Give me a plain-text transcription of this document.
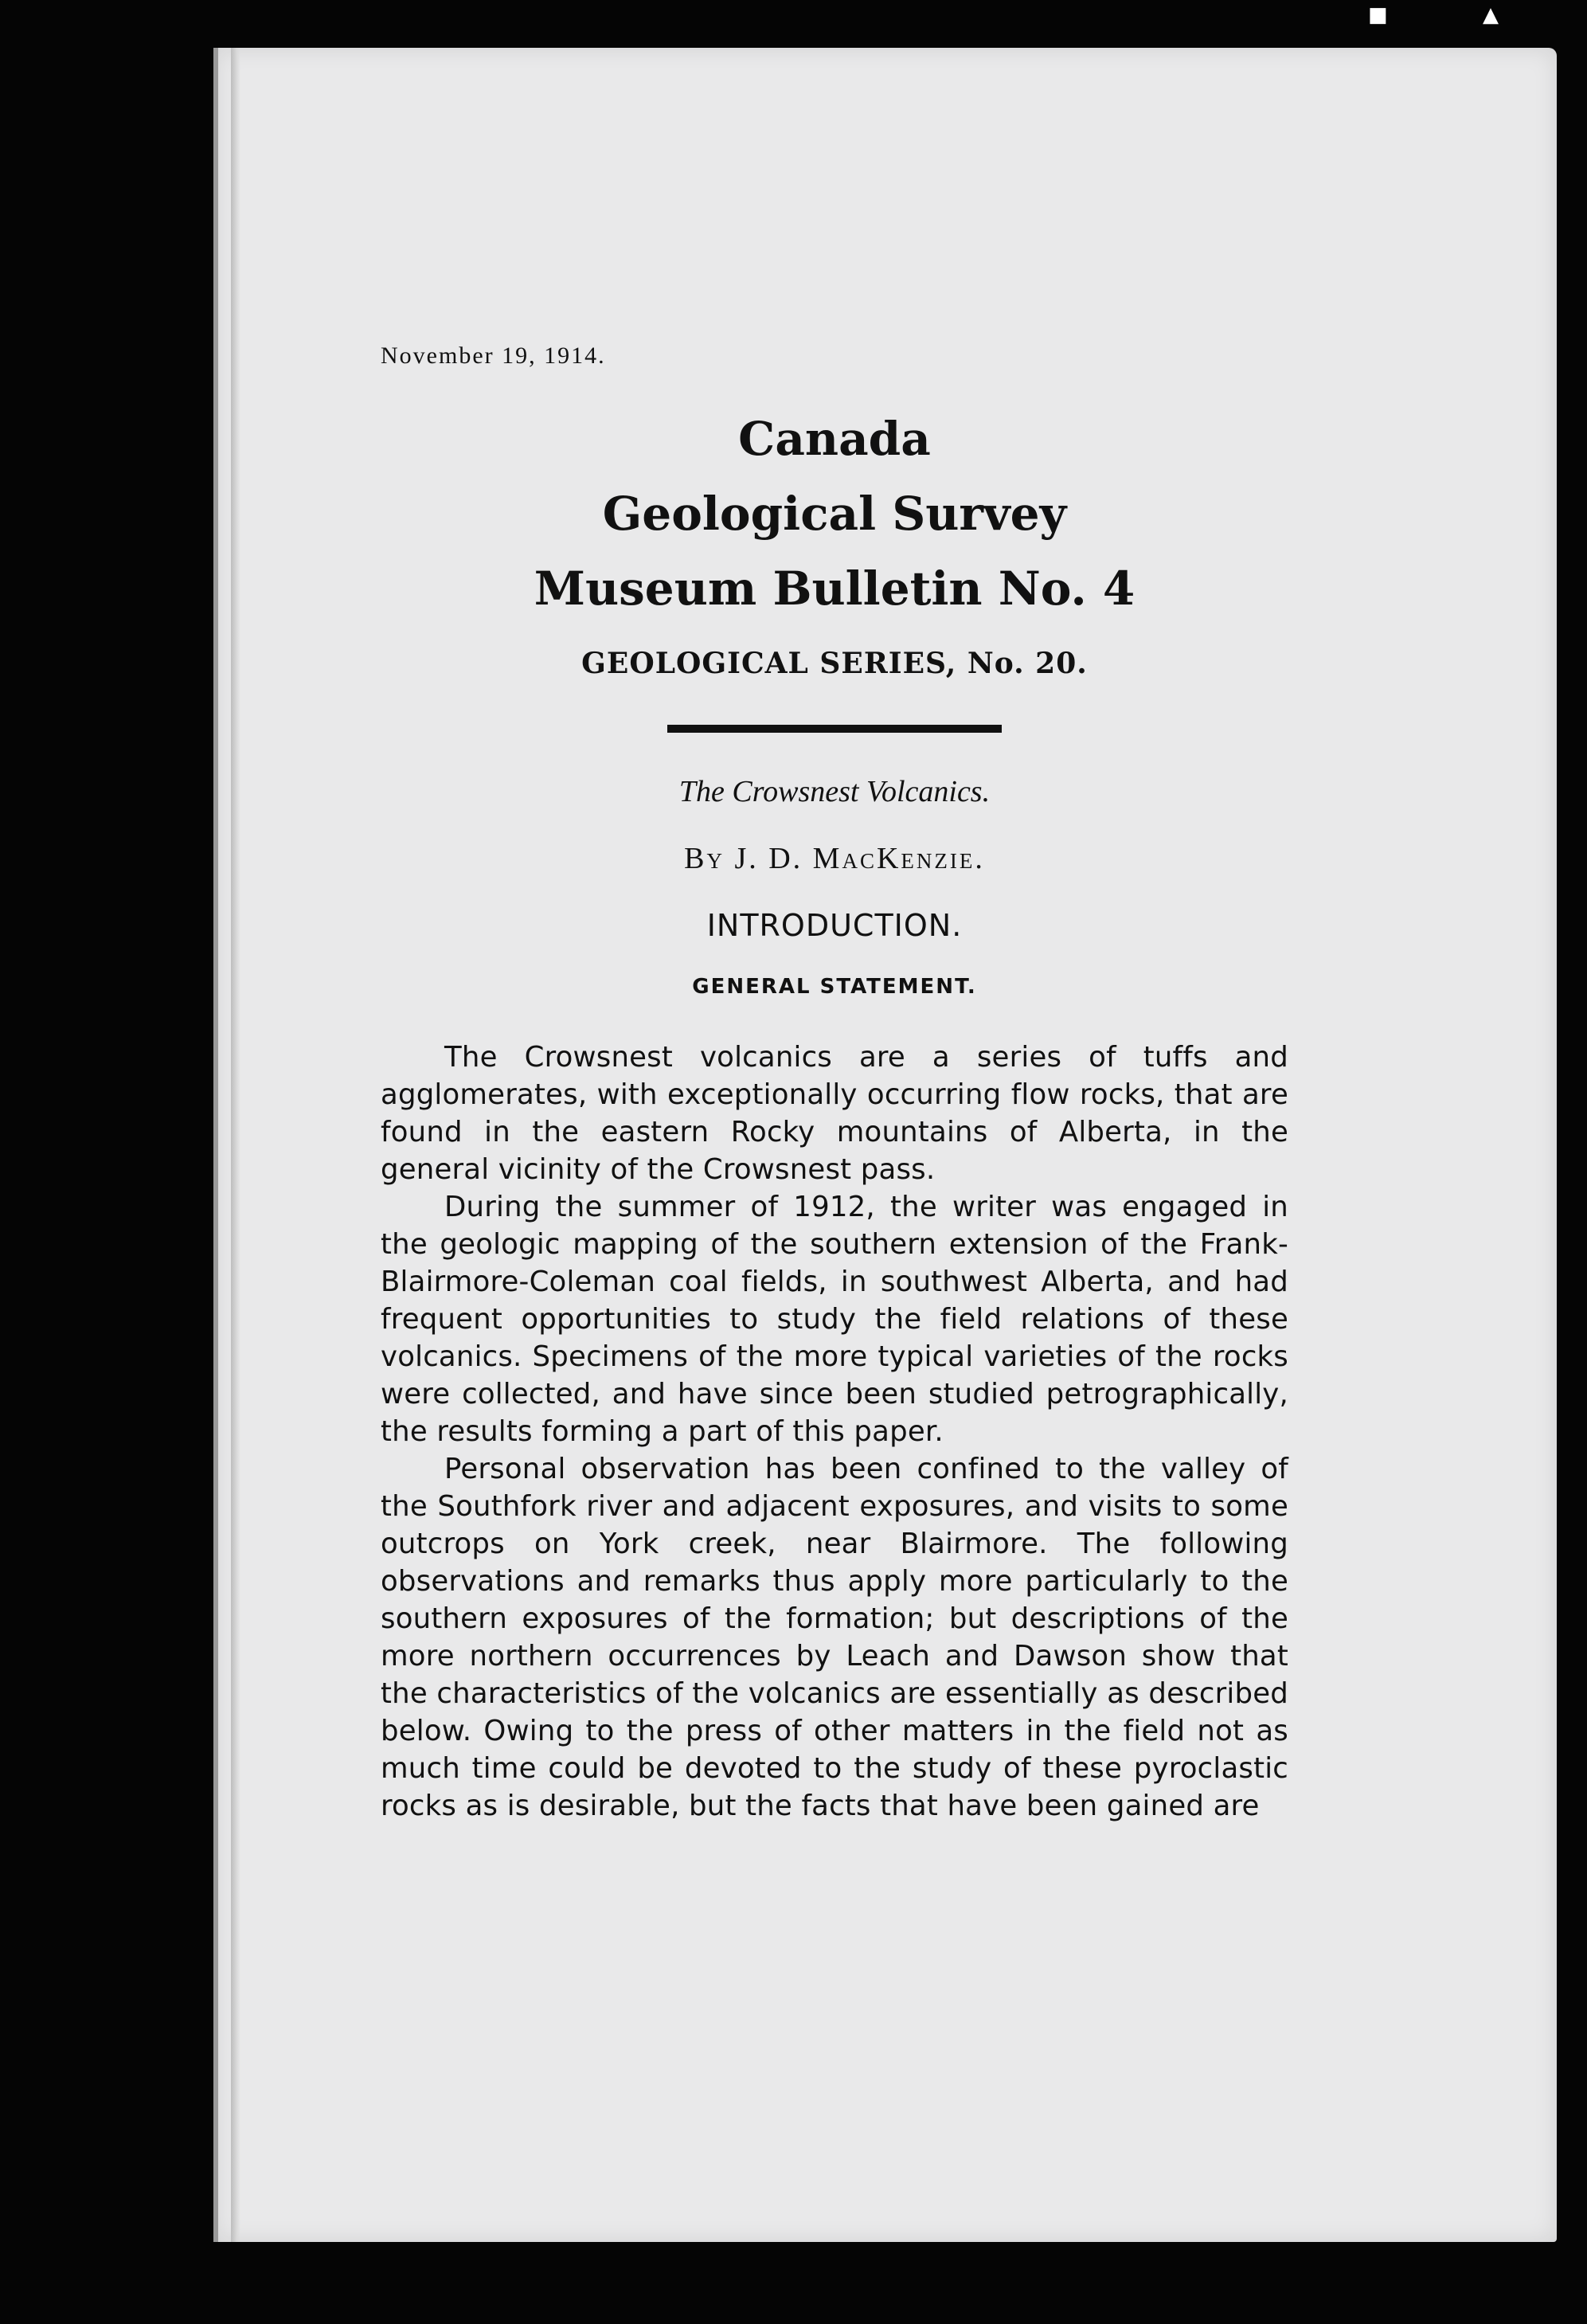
■	▲
November 19, 1914.
Canada
Geological Survey
Museum Bulletin No. 4
GEOLOGICAL SERIES, No. 20.
The Crowsnest Volcanics.
By J. D. MacKenzie.
INTRODUCTION.
GENERAL STATEMENT.

The Crowsnest volcanics are a series of tuffs and agglomerates, with exceptionally occurring flow rocks, that are found in the eastern Rocky mountains of Alberta, in the general vicinity of the Crowsnest pass.

During the summer of 1912, the writer was engaged in the geologic mapping of the southern extension of the Frank-Blairmore-Coleman coal fields, in southwest Alberta, and had frequent opportunities to study the field relations of these volcanics. Specimens of the more typical varieties of the rocks were collected, and have since been studied petrographically, the results forming a part of this paper.

Personal observation has been confined to the valley of the Southfork river and adjacent exposures, and visits to some outcrops on York creek, near Blairmore. The following observations and remarks thus apply more particularly to the southern exposures of the formation; but descriptions of the more northern occurrences by Leach and Dawson show that the characteristics of the volcanics are essentially as described below. Owing to the press of other matters in the field not as much time could be devoted to the study of these pyroclastic rocks as is desirable, but the facts that have been gained are
